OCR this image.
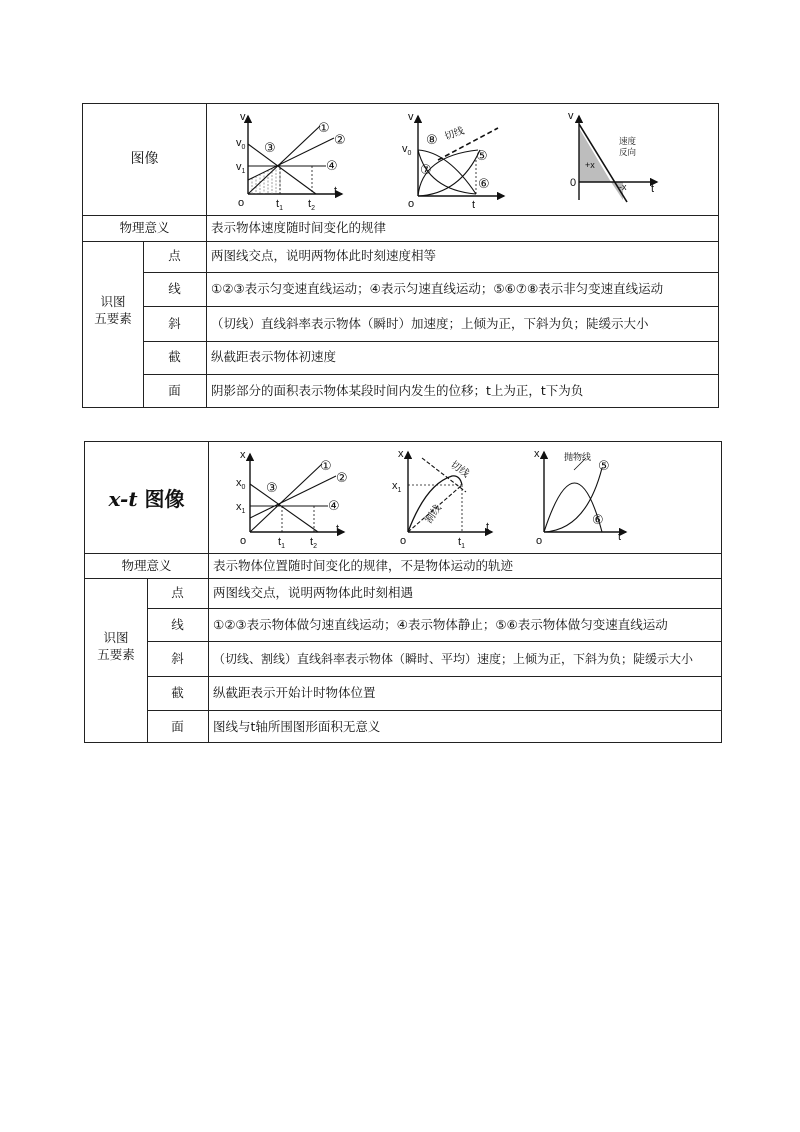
图像
物理意义	表示物体速度随时间变化的规律
识图
五要素
点	两图线交点，说明两物体此时刻速度相等
线	①②③表示匀变速直线运动；④表示匀速直线运动；⑤⑥⑦⑧表示非匀变速直线运动
斜	（切线）直线斜率表示物体（瞬时）加速度；上倾为正，下斜为负；陡缓示大小
截	纵截距表示物体初速度
面	阴影部分的面积表示物体某段时间内发生的位移；t上为正，t下为负
v
$v_0$
$v_1$
o	$t_1$ $t_2$
t
①
②
③
④
v
$v_0$
o	t
切线
⑧
⑤
⑦
⑥
v
0	t
+x
-x
速度
反向
x-t 图像
物理意义	表示物体位置随时间变化的规律，不是物体运动的轨迹
识图
五要素
点	两图线交点，说明两物体此时刻相遇
线	①②③表示物体做匀速直线运动；④表示物体静止；⑤⑥表示物体做匀变速直线运动
斜	（切线、割线）直线斜率表示物体（瞬时、平均）速度；上倾为正，下斜为负；陡缓示大小
截	纵截距表示开始计时物体位置
面	图线与t轴所围图形面积无意义
x
$x_0$
$x_1$
o	$t_1$ $t_2$
t
①
②
③
④
x
$x_1$
o	$t_1$
t
切线
割线
x
o	t
抛物线
⑤
⑥
